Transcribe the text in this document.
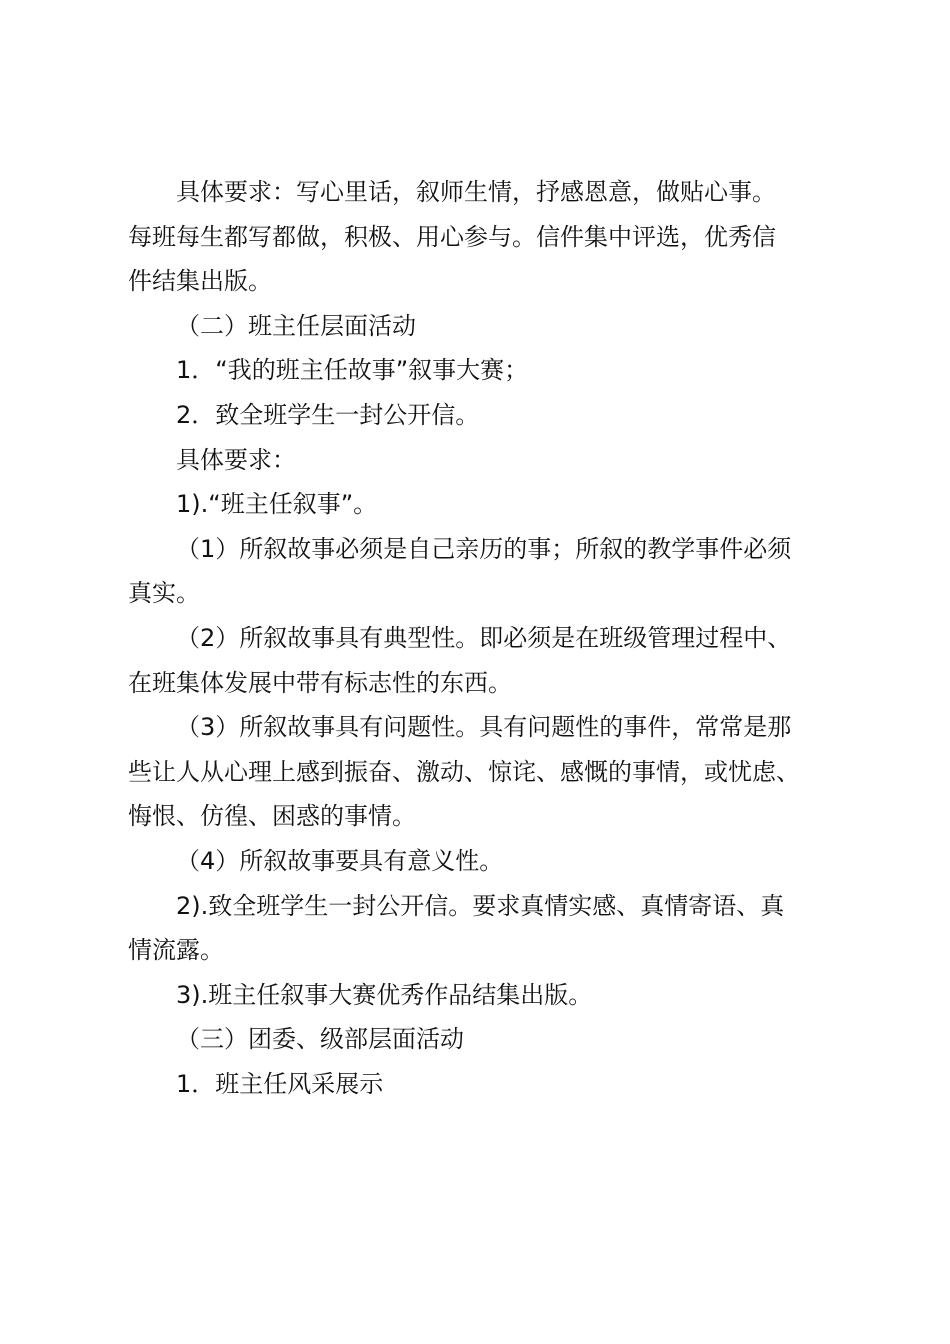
具体要求：写心里话，叙师生情，抒感恩意，做贴心事。
每班每生都写都做，积极、用心参与。信件集中评选，优秀信
件结集出版。

（二）班主任层面活动

1．“我的班主任故事”叙事大赛；

2．致全班学生一封公开信。

具体要求：

1).“班主任叙事”。

（1）所叙故事必须是自己亲历的事；所叙的教学事件必须
真实。

（2）所叙故事具有典型性。即必须是在班级管理过程中、
在班集体发展中带有标志性的东西。

（3）所叙故事具有问题性。具有问题性的事件，常常是那
些让人从心理上感到振奋、激动、惊诧、感慨的事情，或忧虑、
悔恨、仿徨、困惑的事情。

（4）所叙故事要具有意义性。

2).致全班学生一封公开信。要求真情实感、真情寄语、真
情流露。

3).班主任叙事大赛优秀作品结集出版。

（三）团委、级部层面活动

1．班主任风采展示
